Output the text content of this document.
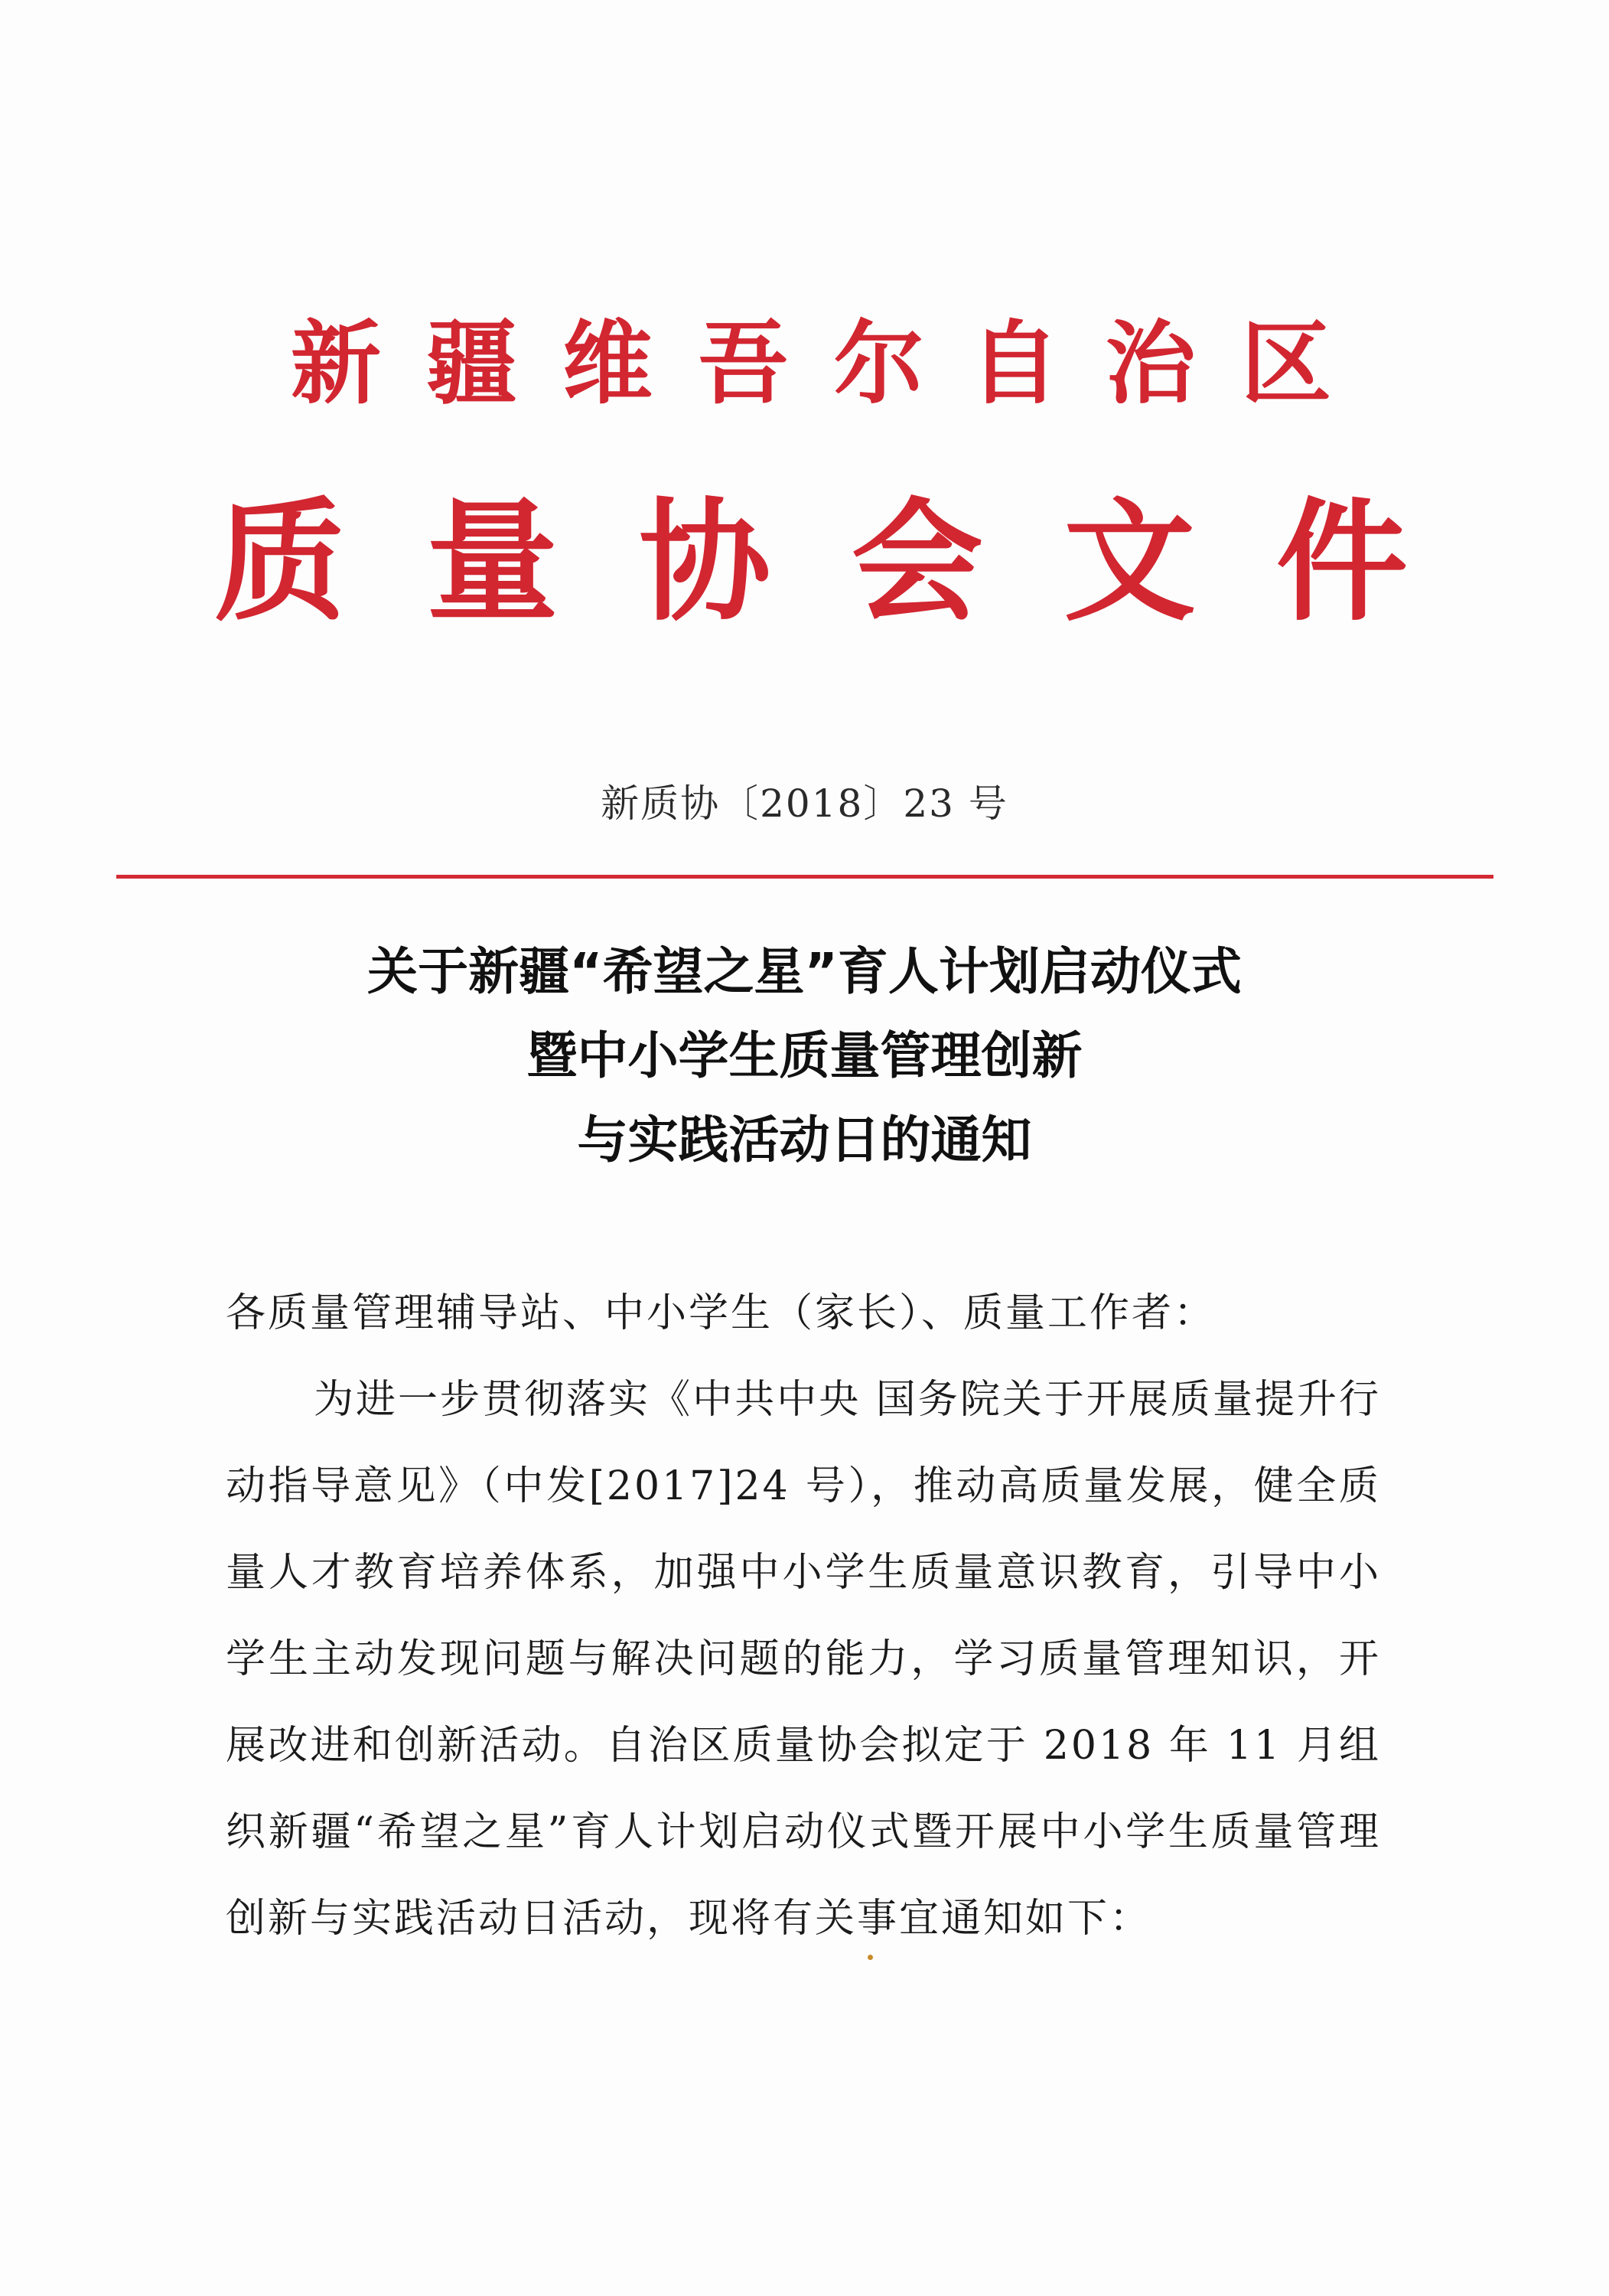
新 疆 维 吾 尔 自 治 区
质 量 协 会 文 件
新质协〔2018〕23 号
关于新疆“希望之星”育人计划启动仪式
暨中小学生质量管理创新
与实践活动日的通知

各质量管理辅导站、中小学生（家长）、质量工作者：

为进一步贯彻落实《中共中央 国务院关于开展质量提升行动指导意见》（中发[2017]24 号），推动高质量发展，健全质量人才教育培养体系，加强中小学生质量意识教育，引导中小学生主动发现问题与解决问题的能力，学习质量管理知识，开展改进和创新活动。自治区质量协会拟定于 2018 年 11 月组织新疆“希望之星”育人计划启动仪式暨开展中小学生质量管理创新与实践活动日活动，现将有关事宜通知如下：
